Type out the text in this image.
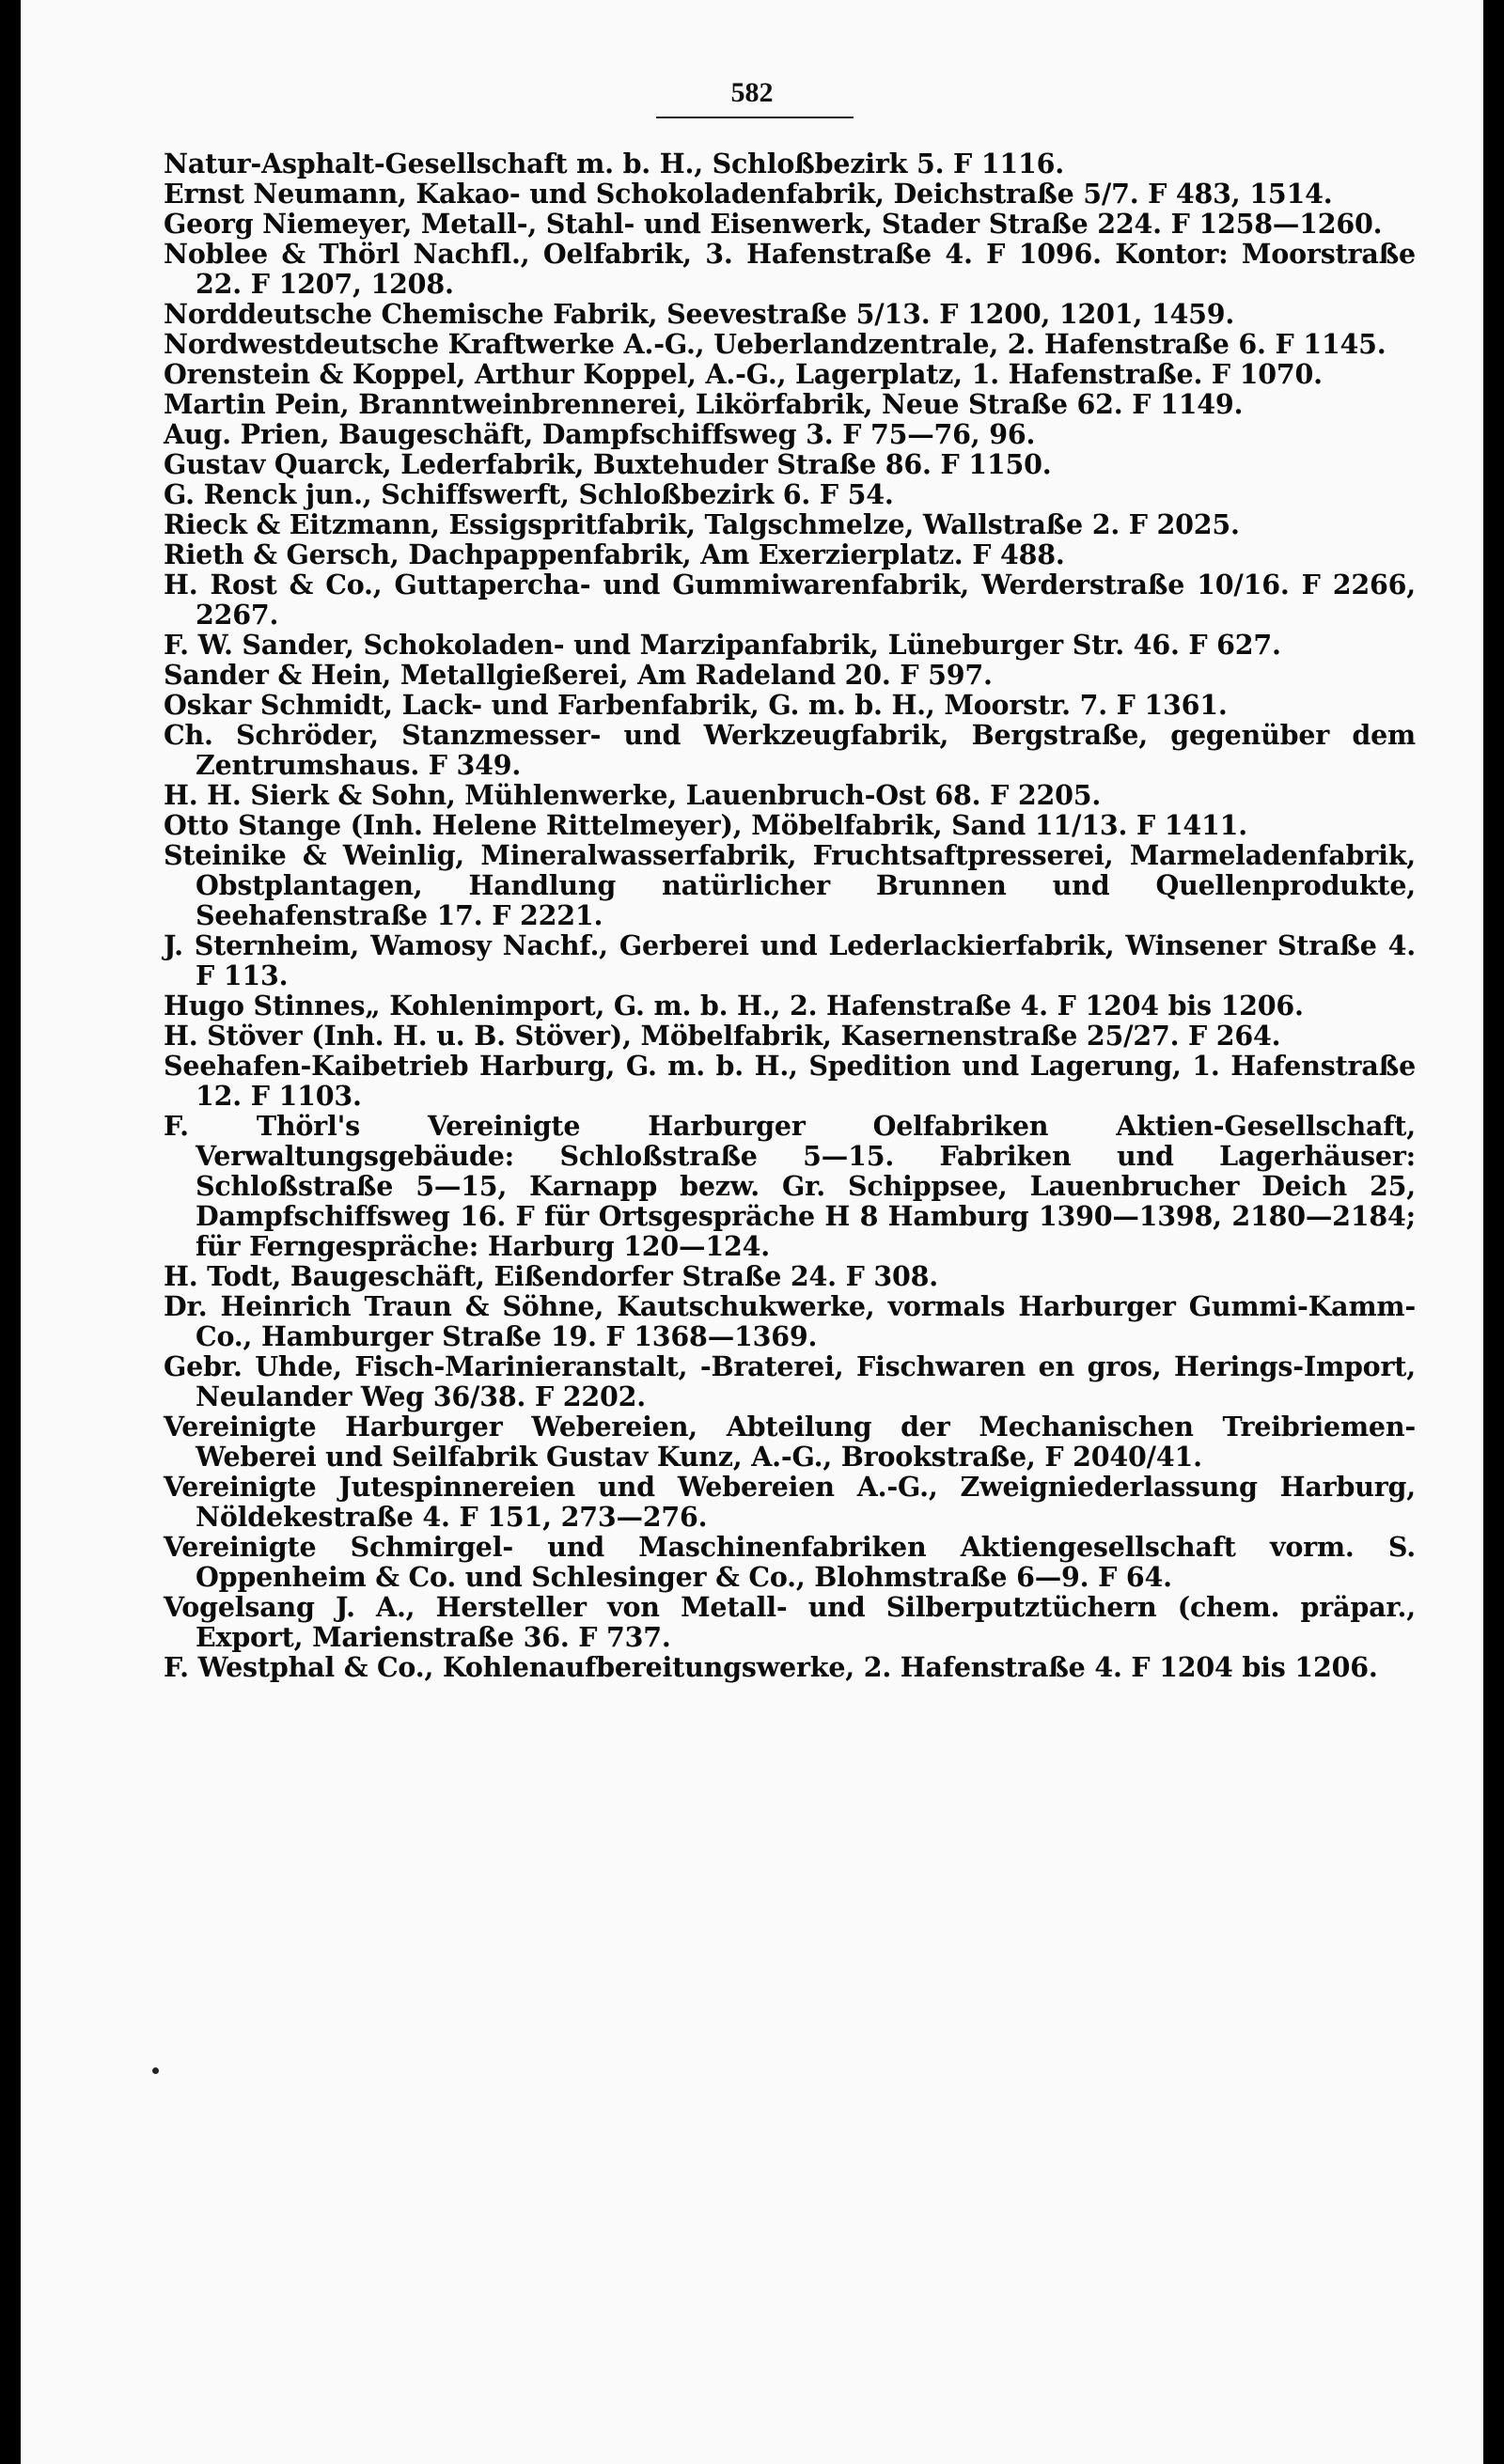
582
Natur-Asphalt-Gesellschaft m. b. H., Schloßbezirk 5. F 1116.
Ernst Neumann, Kakao- und Schokoladenfabrik, Deichstraße 5/7. F 483, 1514.
Georg Niemeyer, Metall-, Stahl- und Eisenwerk, Stader Straße 224. F 1258—1260.
Noblee & Thörl Nachfl., Oelfabrik, 3. Hafenstraße 4. F 1096. Kontor: Moorstraße 22. F 1207, 1208.
Norddeutsche Chemische Fabrik, Seevestraße 5/13. F 1200, 1201, 1459.
Nordwestdeutsche Kraftwerke A.-G., Ueberlandzentrale, 2. Hafenstraße 6. F 1145.
Orenstein & Koppel, Arthur Koppel, A.-G., Lagerplatz, 1. Hafenstraße. F 1070.
Martin Pein, Branntweinbrennerei, Likörfabrik, Neue Straße 62. F 1149.
Aug. Prien, Baugeschäft, Dampfschiffsweg 3. F 75—76, 96.
Gustav Quarck, Lederfabrik, Buxtehuder Straße 86. F 1150.
G. Renck jun., Schiffswerft, Schloßbezirk 6. F 54.
Rieck & Eitzmann, Essigspritfabrik, Talgschmelze, Wallstraße 2. F 2025.
Rieth & Gersch, Dachpappenfabrik, Am Exerzierplatz. F 488.
H. Rost & Co., Guttapercha- und Gummiwarenfabrik, Werderstraße 10/16. F 2266, 2267.
F. W. Sander, Schokoladen- und Marzipanfabrik, Lüneburger Str. 46. F 627.
Sander & Hein, Metallgießerei, Am Radeland 20. F 597.
Oskar Schmidt, Lack- und Farbenfabrik, G. m. b. H., Moorstr. 7. F 1361.
Ch. Schröder, Stanzmesser- und Werkzeugfabrik, Bergstraße, gegenüber dem Zentrumshaus. F 349.
H. H. Sierk & Sohn, Mühlenwerke, Lauenbruch-Ost 68. F 2205.
Otto Stange (Inh. Helene Rittelmeyer), Möbelfabrik, Sand 11/13. F 1411.
Steinike & Weinlig, Mineralwasserfabrik, Fruchtsaftpresserei, Marmeladenfabrik, Obstplantagen, Handlung natürlicher Brunnen und Quellenprodukte, Seehafenstraße 17. F 2221.
J. Sternheim, Wamosy Nachf., Gerberei und Lederlackierfabrik, Winsener Straße 4. F 113.
Hugo Stinnes„ Kohlenimport, G. m. b. H., 2. Hafenstraße 4. F 1204 bis 1206.
H. Stöver (Inh. H. u. B. Stöver), Möbelfabrik, Kasernenstraße 25/27. F 264.
Seehafen-Kaibetrieb Harburg, G. m. b. H., Spedition und Lagerung, 1. Hafenstraße 12. F 1103.
F. Thörl's Vereinigte Harburger Oelfabriken Aktien-Gesellschaft, Verwaltungsgebäude: Schloßstraße 5—15. Fabriken und Lagerhäuser: Schloßstraße 5—15, Karnapp bezw. Gr. Schippsee, Lauenbrucher Deich 25, Dampfschiffsweg 16. F für Ortsgespräche H 8 Hamburg 1390—1398, 2180—2184; für Ferngespräche: Harburg 120—124.
H. Todt, Baugeschäft, Eißendorfer Straße 24. F 308.
Dr. Heinrich Traun & Söhne, Kautschukwerke, vormals Harburger Gummi-Kamm-Co., Hamburger Straße 19. F 1368—1369.
Gebr. Uhde, Fisch-Marinieranstalt, -Braterei, Fischwaren en gros, Herings-Import, Neulander Weg 36/38. F 2202.
Vereinigte Harburger Webereien, Abteilung der Mechanischen Treibriemen-Weberei und Seilfabrik Gustav Kunz, A.-G., Brookstraße, F 2040/41.
Vereinigte Jutespinnereien und Webereien A.-G., Zweigniederlassung Harburg, Nöldekestraße 4. F 151, 273—276.
Vereinigte Schmirgel- und Maschinenfabriken Aktiengesellschaft vorm. S. Oppenheim & Co. und Schlesinger & Co., Blohmstraße 6—9. F 64.
Vogelsang J. A., Hersteller von Metall- und Silberputztüchern (chem. präpar., Export, Marienstraße 36. F 737.
F. Westphal & Co., Kohlenaufbereitungswerke, 2. Hafenstraße 4. F 1204 bis 1206.
